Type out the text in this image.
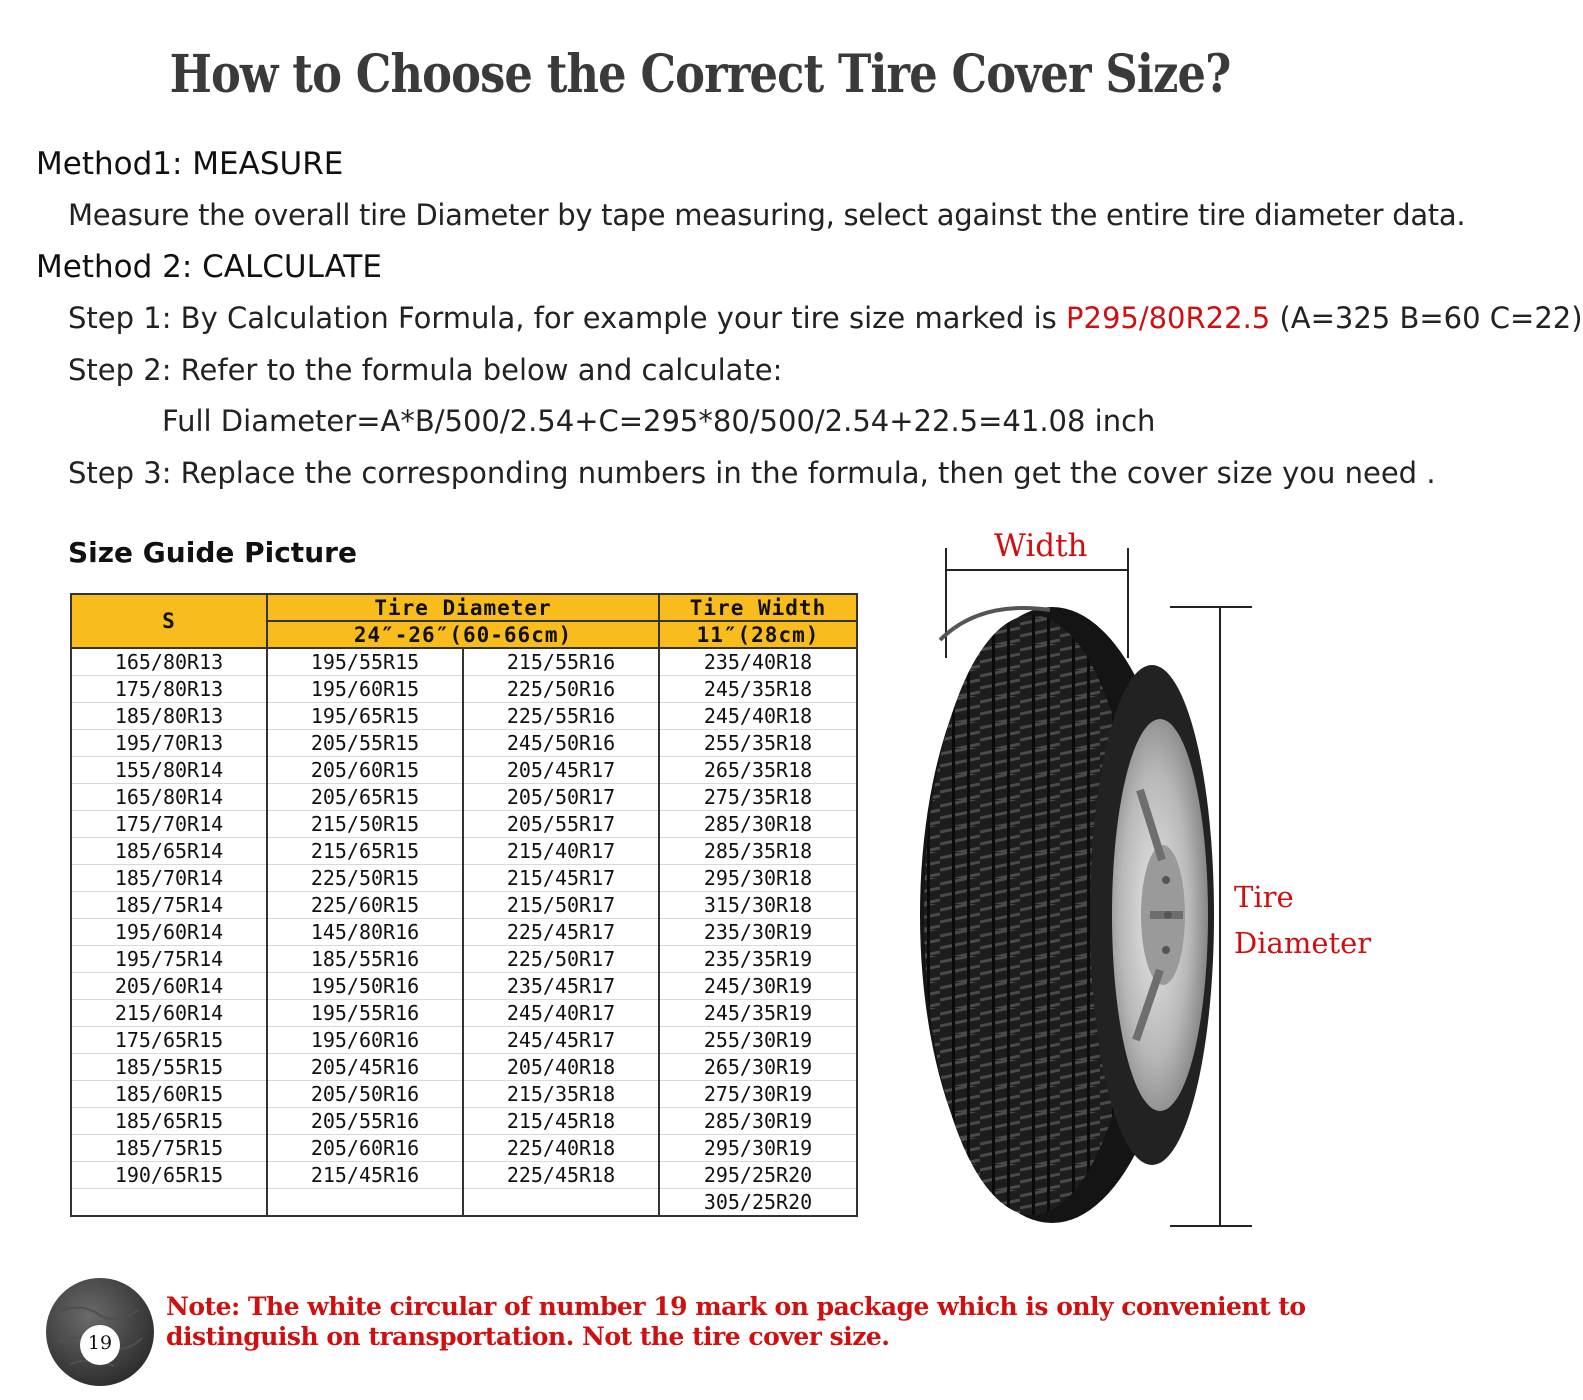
How to Choose the Correct Tire Cover Size?
Method1: MEASURE
Measure the overall tire Diameter by tape measuring, select against the entire tire diameter data.
Method 2: CALCULATE
Step 1: By Calculation Formula, for example your tire size marked is P295/80R22.5 (A=325 B=60 C=22)
Step 2: Refer to the formula below and calculate:
Full Diameter=A*B/500/2.54+C=295*80/500/2.54+22.5=41.08 inch
Step 3: Replace the corresponding numbers in the formula, then get the cover size you need .
Size Guide Picture
S	Tire Diameter		Tire Width
	24″-26″(60-66cm)		11″(28cm)
165/80R13	195/55R15	215/55R16	235/40R18
175/80R13	195/60R15	225/50R16	245/35R18
185/80R13	195/65R15	225/55R16	245/40R18
195/70R13	205/55R15	245/50R16	255/35R18
155/80R14	205/60R15	205/45R17	265/35R18
165/80R14	205/65R15	205/50R17	275/35R18
175/70R14	215/50R15	205/55R17	285/30R18
185/65R14	215/65R15	215/40R17	285/35R18
185/70R14	225/50R15	215/45R17	295/30R18
185/75R14	225/60R15	215/50R17	315/30R18
195/60R14	145/80R16	225/45R17	235/30R19
195/75R14	185/55R16	225/50R17	235/35R19
205/60R14	195/50R16	235/45R17	245/30R19
215/60R14	195/55R16	245/40R17	245/35R19
175/65R15	195/60R16	245/45R17	255/30R19
185/55R15	205/45R16	205/40R18	265/30R19
185/60R15	205/50R16	215/35R18	275/30R19
185/65R15	205/55R16	215/45R18	285/30R19
185/75R15	205/60R16	225/40R18	295/30R19
190/65R15	215/45R16	225/45R18	295/25R20
			305/25R20
Width
Tire
Diameter
19
Note: The white circular of number 19 mark on package which is only convenient to
distinguish on transportation. Not the tire cover size.
